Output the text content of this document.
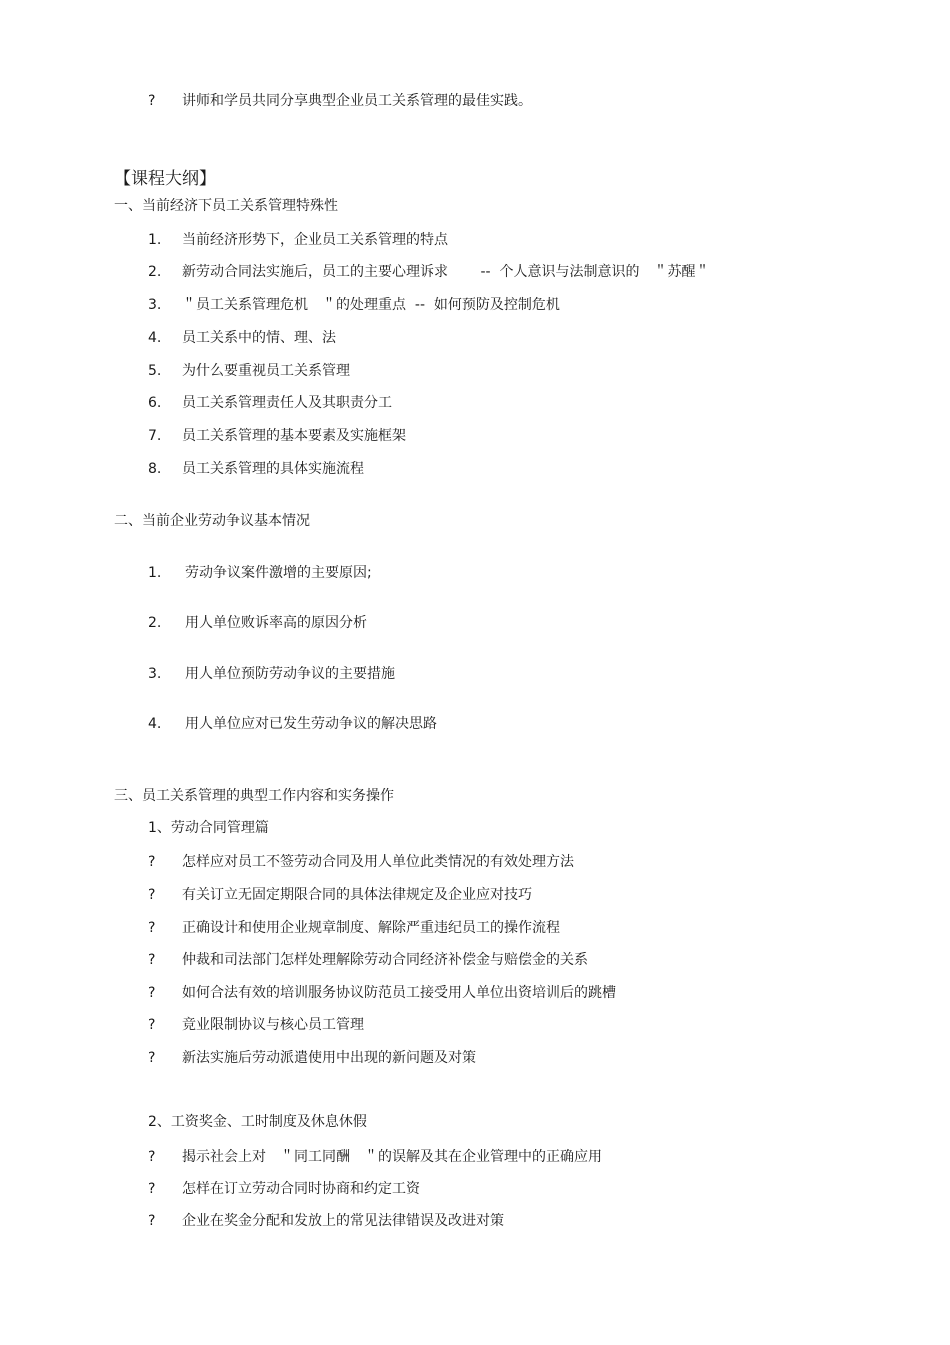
? 讲师和学员共同分享典型企业员工关系管理的最佳实践。
【课程大纲】
一、当前经济下员工关系管理特殊性
1. 当前经济形势下，企业员工关系管理的特点
2. 新劳动合同法实施后，员工的主要心理诉求　　 --  个人意识与法制意识的　＂苏醒＂
3. ＂员工关系管理危机　＂的处理重点  --  如何预防及控制危机
4. 员工关系中的情、理、法
5. 为什么要重视员工关系管理
6. 员工关系管理责任人及其职责分工
7. 员工关系管理的基本要素及实施框架
8. 员工关系管理的具体实施流程
二、当前企业劳动争议基本情况
1. 劳动争议案件激增的主要原因;
2. 用人单位败诉率高的原因分析
3. 用人单位预防劳动争议的主要措施
4. 用人单位应对已发生劳动争议的解决思路
三、员工关系管理的典型工作内容和实务操作
1、劳动合同管理篇
? 怎样应对员工不签劳动合同及用人单位此类情况的有效处理方法
? 有关订立无固定期限合同的具体法律规定及企业应对技巧
? 正确设计和使用企业规章制度、解除严重违纪员工的操作流程
? 仲裁和司法部门怎样处理解除劳动合同经济补偿金与赔偿金的关系
? 如何合法有效的培训服务协议防范员工接受用人单位出资培训后的跳槽
? 竞业限制协议与核心员工管理
? 新法实施后劳动派遣使用中出现的新问题及对策
2、工资奖金、工时制度及休息休假
? 揭示社会上对　＂同工同酬　＂的误解及其在企业管理中的正确应用
? 怎样在订立劳动合同时协商和约定工资
? 企业在奖金分配和发放上的常见法律错误及改进对策
